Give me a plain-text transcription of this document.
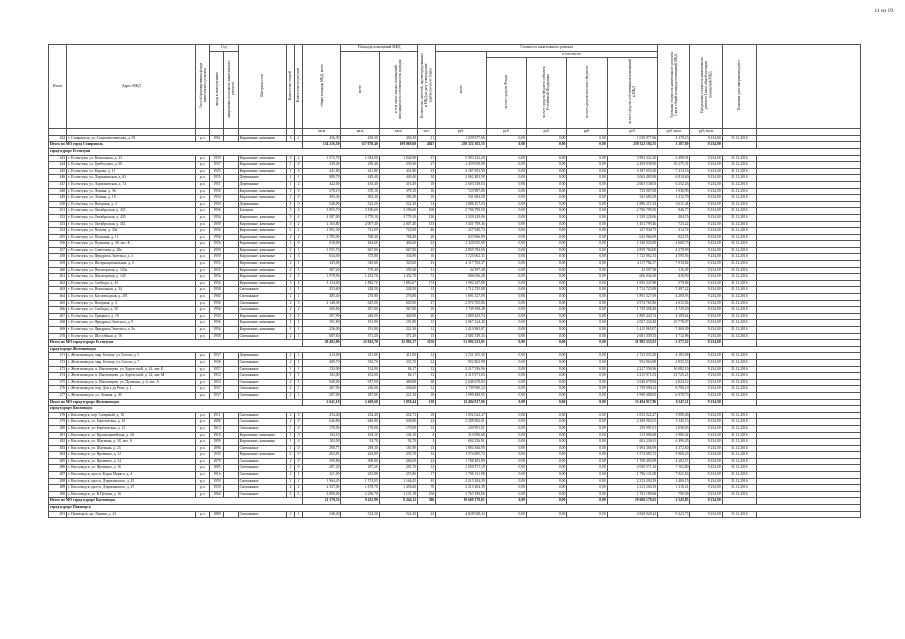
11 из 19
Итого	Адрес МКД	Способ формирования фонда капитального ремонта	Год		Материал стен	Количество этажей	Количество подъездов	общая площадь МКД, всего	Площадь помещений МКД		Количество жителей, зарегистрированных в МКД на дату утверждения краткосрочного плана	Стоимость капитального ремонта					Удельная стоимость капитального ремонта 1 кв.м общей площади помещений МКД	Предельная стоимость капитального ремонта 1 кв.м общей площади помещений МКД	Плановая дата завершения работ	
			ввода в эксплуатацию	завершения последнего капитального ремонта					всего	в том числе жилых помещений, находящихся в собственности граждан		всего	в том числе:							
													за счет средств Фонда	за счет средств бюджета субъекта Российской Федерации	за счет средств местного бюджета	за счет средств собственников помещений в МКД				
								кв.м	кв.м	кв.м	чел.	руб.	руб.	руб.	руб.	руб.	руб./кв.м	руб./кв.м		
442	г. Ставрополь, ул. Социалистическая, д. 39	р.о.	1961		Кирпичные, каменные	3	1	456,30	456,30	456,30	21	1 039 977,66	0,00	0,00	0,00	1 039 977,66	2 279,15	9 234,00	31.12.2016	
Итого по МО город Ставрополь								134 216,50	117 070,40	109 869,60	4847	259 322 102,55	0,00	0,00	0,00	259 322 102,55	3 187,69	9 234,00		
город-курорт Ессентуки																				
443	г. Ессентуки, ул. Вокзальная, д. 23	р.о.	1959		Кирпичные, каменные	3	2	1 572,70	1 044,90	1 044,90	37	5 993 322,20	0,00	0,00	0,00	5 993 322,20	3 498,91	9 234,00	31.12.2016	
444	г. Ессентуки, ул. Грибоедова, д. 69	р.о.	1937		Кирпичные, каменные	1	0	239,40	239,40	239,40	27	2 459 039,90	0,00	0,00	0,00	2 459 039,90	10 275,31	9 234,00	31.12.2016	
445	г. Ессентуки, ул. Кирова, д. 11	р.о.	1929		Кирпичные, каменные	1	0	441,80	441,80	441,80	23	3 187 653,30	0,00	0,00	0,00	3 187 653,30	7 214,16	9 234,00	31.12.2016	
446	г. Ессентуки, ул. Ларионовская, д. 63	р.о.	1955		Деревянные	2	1	888,70	449,40	449,40	10	3 062 483,90	0,00	0,00	0,00	3 062 483,90	6 810,60	9 234,00	31.12.2016	
447	г. Ессентуки, ул. Ларионовская, д. 74	р.о.	1951		Деревянные	1	2	442,00	416,40	416,40	18	2 603 538,03	0,00	0,00	0,00	2 603 538,03	6 252,26	9 234,00	31.12.2016	
448	г. Ессентуки, ул. Ленина, д. 36	р.о.	1950		Кирпичные, каменные	1	0	378,10	378,10	378,10	16	723 987,69	0,00	0,00	0,00	723 987,69	1 930,99	9 234,00	31.12.2016	
449	г. Ессентуки, ул. Ленина, д. 18	р.о.	1950		Кирпичные, каменные	1	0	383,30	383,30	383,30	16	541 683,58	0,00	0,00	0,00	541 683,58	1 412,79	9 234,00	31.12.2016	
450	г. Ессентуки, ул. Нагорная, д. 3	р.о.	1950		Деревянные	1	0	546,00	522,20	522,20	14	1 886 257,43	0,00	0,00	0,00	1 886 257,43	3 611,44	9 234,00	31.12.2016	
451	г. Ессентуки, ул. Октябрьская, д. 435	р.о.	1956		Блочные	5	4	3 855,70	3 196,60	3 196,60	160	2 706 799,50	0,00	0,00	0,00	2 706 799,50	846,77	9 234,00	31.12.2016	
452	г. Ессентуки, ул. Октябрьская, д. 435	р.о.	1956		Кирпичные, каменные	5	4	4 587,00	3 779,10	3 779,10	126	1 529 229,06	0,00	0,00	0,00	1 529 229,06	404,55	9 234,00	31.12.2016	
453	г. Ессентуки, ул. Октябрьская, д. 452	р.о.	1959		Кирпичные, каменные	3	2	2 163,80	2 007,40	2 007,40	153	1 451 799,46	0,00	0,00	0,00	1 451 799,46	723,22	9 234,00	31.12.2016	
454	г. Ессентуки, ул. Попова, д. 33а	р.о.	1956		Кирпичные, каменные	2	2	1 091,30	722,00	722,00	46	227 940,73	0,00	0,00	0,00	227 940,73	314,74	9 234,00	31.12.2016	
455	г. Ессентуки, ул. Пушкина, д. 11	р.о.	1956		Кирпичные, каменные	2	2	1 783,00	768,40	768,40	20	633 966,99	0,00	0,00	0,00	633 966,99	824,55	9 234,00	31.12.2016	
456	г. Ессентуки, ул. Пушкина, д. 38, лит. К	р.о.	1956		Кирпичные, каменные	1	0	618,00	494,60	494,60	23	1 320 025,00	0,00	0,00	0,00	1 320 025,00	2 668,73	9 234,00	31.12.2016	
457	г. Ессентуки, ул. Советская, д. 28а	р.о.	1959		Кирпичные, каменные	2	1	1 055,70	667,00	667,00	25	2 859 784,00	0,00	0,00	0,00	2 859 784,00	4 278,99	9 234,00	31.12.2016	
458	г. Ессентуки, ул. Фридриха Энгельса, д. 3	р.о.	1959		Кирпичные, каменные	2	3	634,00	375,80	334,80	16	1 725 062,33	0,00	0,00	0,00	1 725 062,33	4 595,56	9 234,00	31.12.2016	
459	г. Ессентуки, ул. Интернациональная, д. 4	р.о.	1955		Кирпичные, каменные	2	1	345,00	320,60	320,60	23	4 117 784,37	0,00	0,00	0,00	4 117 784,37	7 918,82	9 234,00	31.12.2016	
460	г. Ессентуки, ул. Пятигорская, д. 143а	р.о.	1955		Кирпичные, каменные	2	1	387,20	379,40	359,40	11	42 397,38	0,00	0,00	0,00	42 397,38	116,29	9 234,00	31.12.2016	
461	г. Ессентуки, ул. Пятигорская, д. 128	р.о.	1956		Кирпичные, каменные	2	3	1 978,90	1 432,70	1 432,70	73	606 036,28	0,00	0,00	0,00	606 036,28	418,90	9 234,00	31.12.2016	
462	г. Ессентуки, ул. Свободы, д. 43	р.о.	1956		Кирпичные, каменные	3	4	3 134,00	1 882,70	1 882,67	174	1 992 247,88	0,00	0,00	0,00	1 992 247,88	579,84	9 234,00	31.12.2016	
463	г. Ессентуки, ул. Вокзальная, д. 34	р.о.	1958		Смешанные	2	1	253,60	228,50	228,50	13	1 712 725,88	0,00	0,00	0,00	1 712 725,88	7 497,22	9 234,00	31.12.2016	
464	г. Ессентуки, ул. Кисловодская, д. 201	р.о.	1960		Смешанные	2	1	485,40	276,80	276,80	15	1 891 327,09	0,00	0,00	0,00	1 891 327,09	4 200,93	9 234,00	31.12.2016	
465	г. Ессентуки, ул. Нагорная, д. 4	р.о.	1956		Смешанные	2	3	2 140,30	645,00	645,00	27	2 974 765,86	0,00	0,00	0,00	2 974 765,86	4 612,04	9 234,00	31.12.2016	
466	г. Ессентуки, ул. Свободы, д. 30	р.о.	1956		Смешанные	2	2	400,60	367,80	367,80	16	1 739 398,48	0,00	0,00	0,00	1 739 398,48	4 729,20	9 234,00	31.12.2016	
467	г. Ессентуки, ул. Урицкого, д. 19	р.о.	1935		Кирпичные, каменные	2	2	397,90	440,00	440,00	20	1 809 443,74	0,00	0,00	0,00	1 809 443,74	4 109,64	9 234,00	31.12.2016	
468	г. Ессентуки, ул. Фридриха Энгельса, д. 9	р.о.	1956		Кирпичные, каменные	1	1	191,80	191,80	191,80	15	2 067 234,40	0,00	0,00	0,00	2 067 234,40	10 778,07	9 234,00	31.12.2016	
469	г. Ессентуки, ул. Фридриха Энгельса, д. 9а	р.о.	1956		Кирпичные, каменные	1	1	256,00	191,80	221,30	12	1 413 965,07	0,00	0,00	0,00	1 413 965,07	7 469,39	9 234,00	31.12.2016	
470	г. Ессентуки, ул. Шоссейная, д. 16	р.о.	1958		Смешанные	2	1	687,60	371,20	371,20	15	2 681 339,33	0,00	0,00	0,00	2 681 339,33	4 712,96	9 234,00	31.12.2016	
Итого по МО город-курорт Ессентуки								29 482,80	22 943,70	22 903,17	1156	51 982 533,01	0,00	0,00	0,00	51 982 533,01	2 377,22	9 234,00		
город-курорт Железноводск																				
471	г. Железноводск, мкр. Бештау, ул. Гоголя, д. 5	р.о.	1937		Деревянные	2	1	413,00	411,00	411,00	12	1 721 355,30	0,00	0,00	0,00	1 721 355,30	4 183,06	9 234,00	31.12.2016	
472	г. Железноводск, мкр. Бештау, ул. Гоголя, д. 7	р.о.	1938		Смешанные	2	1	489,70	333,70	333,70	22	952 863,98	0,00	0,00	0,00	952 863,98	2 855,53	9 234,00	31.12.2016	
473	г. Железноводск, п. Иноземцево, ул. Бургасской, д. 14, лит. Б	р.о.	1957		Смешанные	1	1	132,00	132,00	84,17	12	2 217 556,96	0,00	0,00	0,00	2 217 556,96	16 082,10	9 234,00	31.12.2016	
474	г. Железноводск, п. Иноземцево, ул. Бургасской, д. 14, лит. М	р.о.	1953		Смешанные	1	1	102,00	102,00	84,17	12	2 215 971,03	0,00	0,00	0,00	2 215 971,03	21 725,21	9 234,00	31.12.2016	
475	г. Железноводск, п. Иноземцево, ул. Пушкина, д. 6, лит. А	р.о.	1953		Смешанные	2	1	940,00	937,50	468,80	38	2 646 678,84	0,00	0,00	0,00	2 646 678,84	2 823,12	9 234,00	31.12.2016	
476	г. Железноводск, пер. Дон х де Ренэ, д. 1	р.о.	1937		Смешанные	2	1	267,00	236,00	236,00	12	1 739 990,32	0,00	0,00	0,00	1 739 990,32	6 796,19	9 234,00	31.12.2016	
477	г. Железноводск, ул. Ленина, д. 36	р.о.	1937		Смешанные	2	1	297,00	297,00	221,30	18	1 999 488,05	0,00	0,00	0,00	1 999 488,05	6 378,73	9 234,00	31.12.2016	
Итого по МО город-курорт Железноводск								2 641,10	2 469,60	1 859,44	138	13 494 917,96	0,00	0,00	0,00	13 494 917,96	6 347,11	9 234,00		
город-курорт Кисловодск																				
478	г. Кисловодск, пер. Саперный, д. 18	р.о.	1911		Смешанные	2	0	254,40	254,40	232,73	18	1 052 022,47	0,00	0,00	0,00	1 052 022,47	3 908,46	9 234,00	31.12.2016	
479	г. Кисловодск, ул. Березовская, д. 10	р.о.	1888		Смешанные	2	0	646,80	646,80	646,80	24	2 208 982,01	0,00	0,00	0,00	2 208 982,01	3 345,13	9 234,00	31.12.2016	
480	г. Кисловодск, ул. Березовская, д. 13	р.о.	1913		Смешанные	1	0	170,00	170,00	170,00	13	239 991,01	0,00	0,00	0,00	239 991,01	1 058,63	9 234,00	31.12.2016	
481	г. Кисловодск, ул. Красноармейская, д. 3А	р.о.	1910		Кирпичные, каменные	1	0	104,10	104,10	104,10	4	313 096,68	0,00	0,00	0,00	313 096,68	2 980,42	9 234,00	31.12.2016	
482	г. Кисловодск, ул. Шаумяна, д. 18, лит. А	р.о.	1999		Кирпичные, каменные	1	0	102,00	92,70	92,70	3	602 236,91	0,00	0,00	0,00	602 236,91	6 496,05	9 234,00	31.12.2016	
483	г. Кисловодск, ул. Шаумяна, д. 23	р.о.	1896		Смешанные	1	0	298,77	298,30	181,80	13	1 904 366,99	0,00	0,00	0,00	1 904 366,99	4 372,60	9 234,00	31.12.2016	
484	г. Кисловодск, ул. Яровенко, д. 12	р.о.	1930		Кирпичные, каменные	2	0	263,81	263,80	235,70	12	1 574 685,72	0,00	0,00	0,00	1 574 685,72	5 969,23	9 234,00	31.12.2016	
485	г. Кисловодск, ул. Яровенко, д. 14	р.о.	1879		Смешанные	2	0	399,80	398,80	266,50	24	1 708 403,99	0,00	0,00	0,00	1 708 403,99	4 282,57	9 234,00	31.12.2016	
486	г. Кисловодск, ул. Яровенко, д. 16	р.о.	1885		Смешанные	2	0	287,20	287,20	281,70	14	2 050 571,18	0,00	0,00	0,00	2 050 571,18	7 162,80	9 234,00	31.12.2016	
487	г. Кисловодск, просп. Карла Маркса, д. 4	р.о.	1916		Смешанные	2	1	321,00	255,80	255,80	17	1 796 131,08	0,00	0,00	0,00	1 796 131,08	7 021,63	9 234,00	31.12.2016	
488	г. Кисловодск, просп. Дзержинского, д. 45	р.о.	1959		Смешанные	2	2	1 964,45	1 574,05	1 164,45	45	2 213 204,39	0,00	0,00	0,00	2 213 204,39	1 406,15	9 234,00	31.12.2016	
489	г. Кисловодск, просп. Дзержинского, д. 47	р.о.	1959		Смешанные	2	2	2 337,00	1 678,70	1 456,60	70	2 213 204,39	0,00	0,00	0,00	2 213 204,39	1 318,41	9 234,00	31.12.2016	
490	г. Кисловодск, ул. К.Цеткин, д. 16	р.о.	1960		Смешанные	3	5	3 890,00	2 236,70	1 131,18	156	1 763 189,66	0,00	0,00	0,00	1 763 189,66	790,56	9 234,00	31.12.2016	
Итого по МО город-курорт Кисловодск								11 179,32	9 432,90	8 244,12	386	19 669 179,61	0,00	0,00	0,00	19 669 179,61	2 543,85	9 234,00		
город-курорт Пятигорск																				
491	г. Пятигорск, пр. Ленина, д. 23	р.о.	1889		Смешанные	2	1	546,20	524,20	524,20	22	4 828 928,44	0,00	0,00	0,00	4 828 928,44	9 223,73	9 234,00	31.12.2016	
